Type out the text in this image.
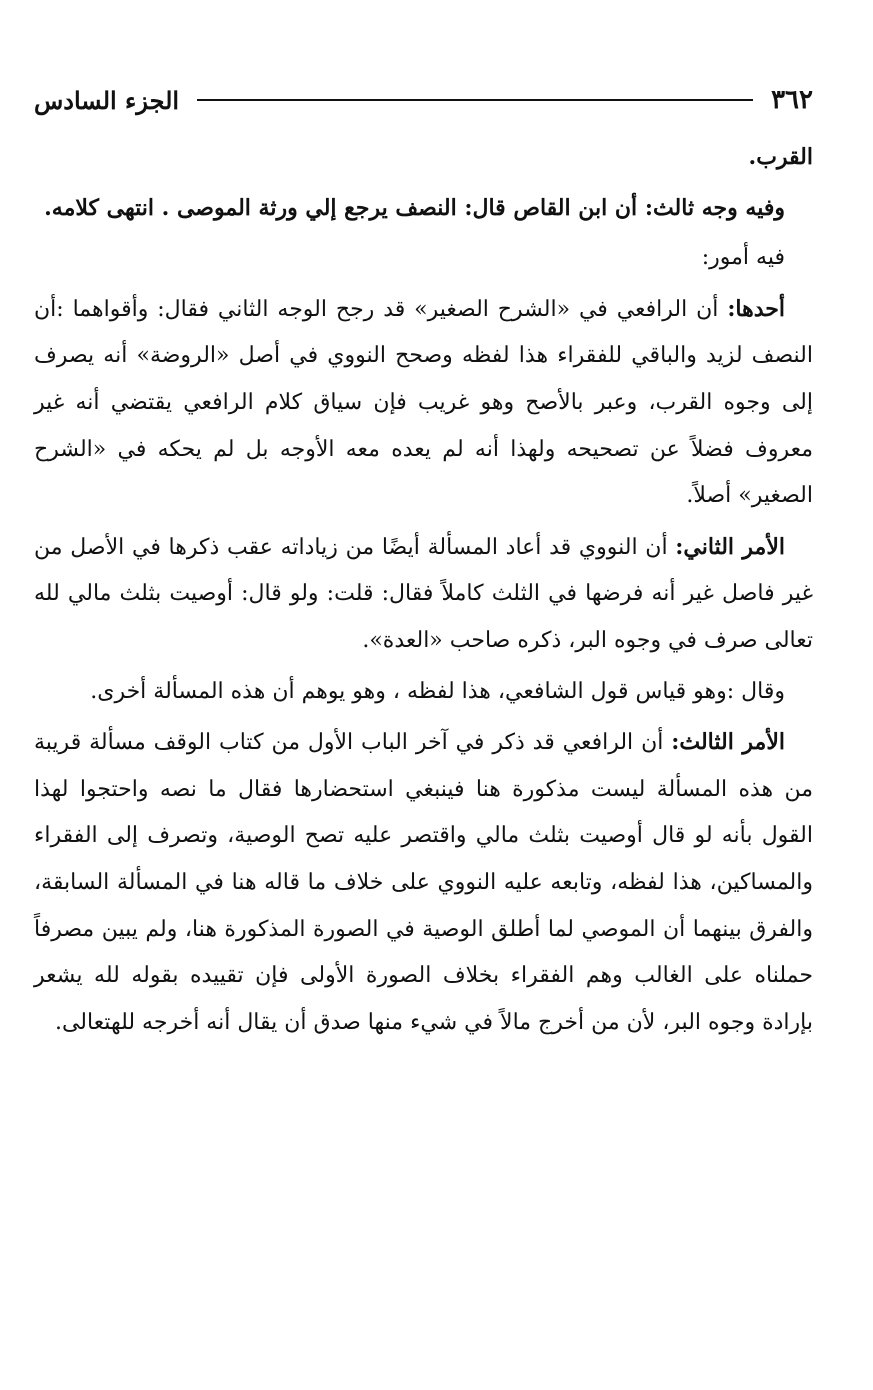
٣٦٢
الجزء السادس

القرب.

وفيه وجه ثالث: أن ابن القاص قال: النصف يرجع إلي ورثة الموصى . انتهى كلامه.

فيه أمور:

أحدها: أن الرافعي في «الشرح الصغير» قد رجح الوجه الثاني فقال: وأقواهما :أن النصف لزيد والباقي للفقراء هذا لفظه وصحح النووي في أصل «الروضة» أنه يصرف إلى وجوه القرب، وعبر بالأصح وهو غريب فإن سياق كلام الرافعي يقتضي أنه غير معروف فضلاً عن تصحيحه ولهذا أنه لم يعده معه الأوجه بل لم يحكه في «الشرح الصغير» أصلاً.

الأمر الثاني: أن النووي قد أعاد المسألة أيضًا من زياداته عقب ذكرها في الأصل من غير فاصل غير أنه فرضها في الثلث كاملاً فقال: قلت: ولو قال: أوصيت بثلث مالي لله تعالى صرف في وجوه البر، ذكره صاحب «العدة».

وقال :وهو قياس قول الشافعي، هذا لفظه ، وهو يوهم أن هذه المسألة أخرى.

الأمر الثالث: أن الرافعي قد ذكر في آخر الباب الأول من كتاب الوقف مسألة قريبة من هذه المسألة ليست مذكورة هنا فينبغي استحضارها فقال ما نصه واحتجوا لهذا القول بأنه لو قال أوصيت بثلث مالي واقتصر عليه تصح الوصية، وتصرف إلى الفقراء والمساكين، هذا لفظه، وتابعه عليه النووي على خلاف ما قاله هنا في المسألة السابقة، والفرق بينهما أن الموصي لما أطلق الوصية في الصورة المذكورة هنا، ولم يبين مصرفاً حملناه على الغالب وهم الفقراء بخلاف الصورة الأولى فإن تقييده بقوله لله يشعر بإرادة وجوه البر، لأن من أخرج مالاً في شيء منها صدق أن يقال أنه أخرجه للهتعالى.
